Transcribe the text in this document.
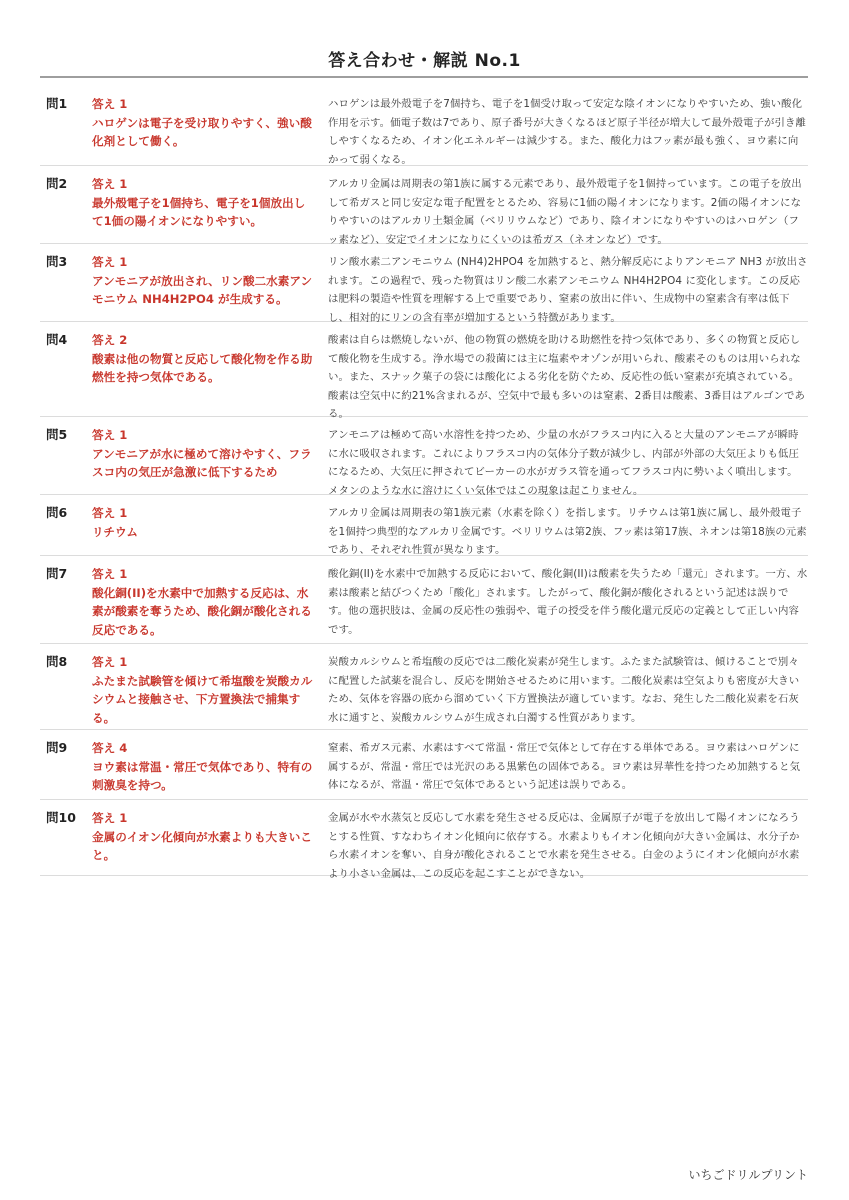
答え合わせ・解説 No.1
問1	答え 1
ハロゲンは電子を受け取りやすく、強い酸化剤として働く。
ハロゲンは最外殻電子を7個持ち、電子を1個受け取って安定な陰イオンになりやすいため、強い酸化作用を示す。価電子数は7であり、原子番号が大きくなるほど原子半径が増大して最外殻電子が引き離しやすくなるため、イオン化エネルギーは減少する。また、酸化力はフッ素が最も強く、ヨウ素に向かって弱くなる。
問2	答え 1
最外殻電子を1個持ち、電子を1個放出して1価の陽イオンになりやすい。
アルカリ金属は周期表の第1族に属する元素であり、最外殻電子を1個持っています。この電子を放出して希ガスと同じ安定な電子配置をとるため、容易に1価の陽イオンになります。2価の陽イオンになりやすいのはアルカリ土類金属（ベリリウムなど）であり、陰イオンになりやすいのはハロゲン（フッ素など）、安定でイオンになりにくいのは希ガス（ネオンなど）です。
問3	答え 1
アンモニアが放出され、リン酸二水素アンモニウム NH4H2PO4 が生成する。
リン酸水素二アンモニウム (NH4)2HPO4 を加熱すると、熱分解反応によりアンモニア NH3 が放出されます。この過程で、残った物質はリン酸二水素アンモニウム NH4H2PO4 に変化します。この反応は肥料の製造や性質を理解する上で重要であり、窒素の放出に伴い、生成物中の窒素含有率は低下し、相対的にリンの含有率が増加するという特徴があります。
問4	答え 2
酸素は他の物質と反応して酸化物を作る助燃性を持つ気体である。
酸素は自らは燃焼しないが、他の物質の燃焼を助ける助燃性を持つ気体であり、多くの物質と反応して酸化物を生成する。浄水場での殺菌には主に塩素やオゾンが用いられ、酸素そのものは用いられない。また、スナック菓子の袋には酸化による劣化を防ぐため、反応性の低い窒素が充填されている。酸素は空気中に約21%含まれるが、空気中で最も多いのは窒素、2番目は酸素、3番目はアルゴンである。
問5	答え 1
アンモニアが水に極めて溶けやすく、フラスコ内の気圧が急激に低下するため
アンモニアは極めて高い水溶性を持つため、少量の水がフラスコ内に入ると大量のアンモニアが瞬時に水に吸収されます。これによりフラスコ内の気体分子数が減少し、内部が外部の大気圧よりも低圧になるため、大気圧に押されてビーカーの水がガラス管を通ってフラスコ内に勢いよく噴出します。メタンのような水に溶けにくい気体ではこの現象は起こりません。
問6	答え 1
リチウム
アルカリ金属は周期表の第1族元素（水素を除く）を指します。リチウムは第1族に属し、最外殻電子を1個持つ典型的なアルカリ金属です。ベリリウムは第2族、フッ素は第17族、ネオンは第18族の元素であり、それぞれ性質が異なります。
問7	答え 1
酸化銅(II)を水素中で加熱する反応は、水素が酸素を奪うため、酸化銅が酸化される反応である。
酸化銅(II)を水素中で加熱する反応において、酸化銅(II)は酸素を失うため「還元」されます。一方、水素は酸素と結びつくため「酸化」されます。したがって、酸化銅が酸化されるという記述は誤りです。他の選択肢は、金属の反応性の強弱や、電子の授受を伴う酸化還元反応の定義として正しい内容です。
問8	答え 1
ふたまた試験管を傾けて希塩酸を炭酸カルシウムと接触させ、下方置換法で捕集する。
炭酸カルシウムと希塩酸の反応では二酸化炭素が発生します。ふたまた試験管は、傾けることで別々に配置した試薬を混合し、反応を開始させるために用います。二酸化炭素は空気よりも密度が大きいため、気体を容器の底から溜めていく下方置換法が適しています。なお、発生した二酸化炭素を石灰水に通すと、炭酸カルシウムが生成され白濁する性質があります。
問9	答え 4
ヨウ素は常温・常圧で気体であり、特有の刺激臭を持つ。
窒素、希ガス元素、水素はすべて常温・常圧で気体として存在する単体である。ヨウ素はハロゲンに属するが、常温・常圧では光沢のある黒紫色の固体である。ヨウ素は昇華性を持つため加熱すると気体になるが、常温・常圧で気体であるという記述は誤りである。
問10	答え 1
金属のイオン化傾向が水素よりも大きいこと。
金属が水や水蒸気と反応して水素を発生させる反応は、金属原子が電子を放出して陽イオンになろうとする性質、すなわちイオン化傾向に依存する。水素よりもイオン化傾向が大きい金属は、水分子から水素イオンを奪い、自身が酸化されることで水素を発生させる。白金のようにイオン化傾向が水素より小さい金属は、この反応を起こすことができない。
いちごドリルプリント
